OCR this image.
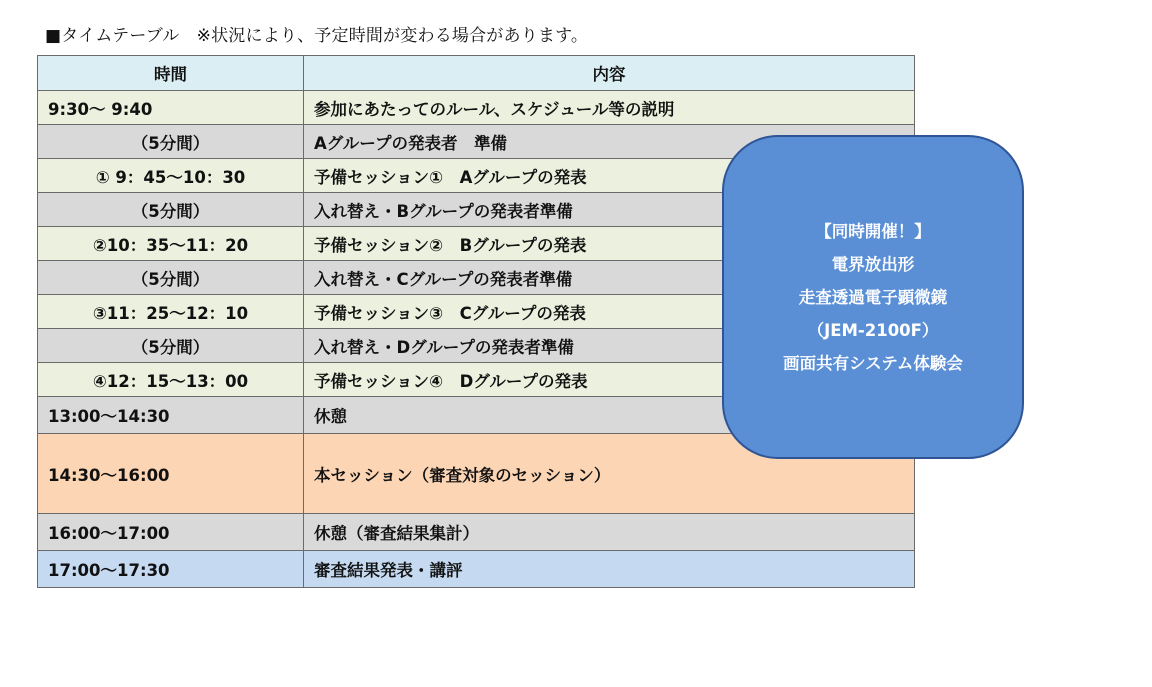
■タイムテーブル　※状況により、予定時間が変わる場合があります。
時間	内容
9:30～ 9:40	参加にあたってのルール、スケジュール等の説明
（5分間）	Aグループの発表者　準備
① 9：45～10：30	予備セッション①　Aグループの発表
（5分間）	入れ替え・Bグループの発表者準備
②10：35～11：20	予備セッション②　Bグループの発表
（5分間）	入れ替え・Cグループの発表者準備
③11：25～12：10	予備セッション③　Cグループの発表
（5分間）	入れ替え・Dグループの発表者準備
④12：15～13：00	予備セッション④　Dグループの発表
13:00～14:30	休憩
14:30～16:00	本セッション（審査対象のセッション）
16:00～17:00	休憩（審査結果集計）
17:00～17:30	審査結果発表・講評
【同時開催！】
電界放出形
走査透過電子顕微鏡
（JEM-2100F）
画面共有システム体験会
